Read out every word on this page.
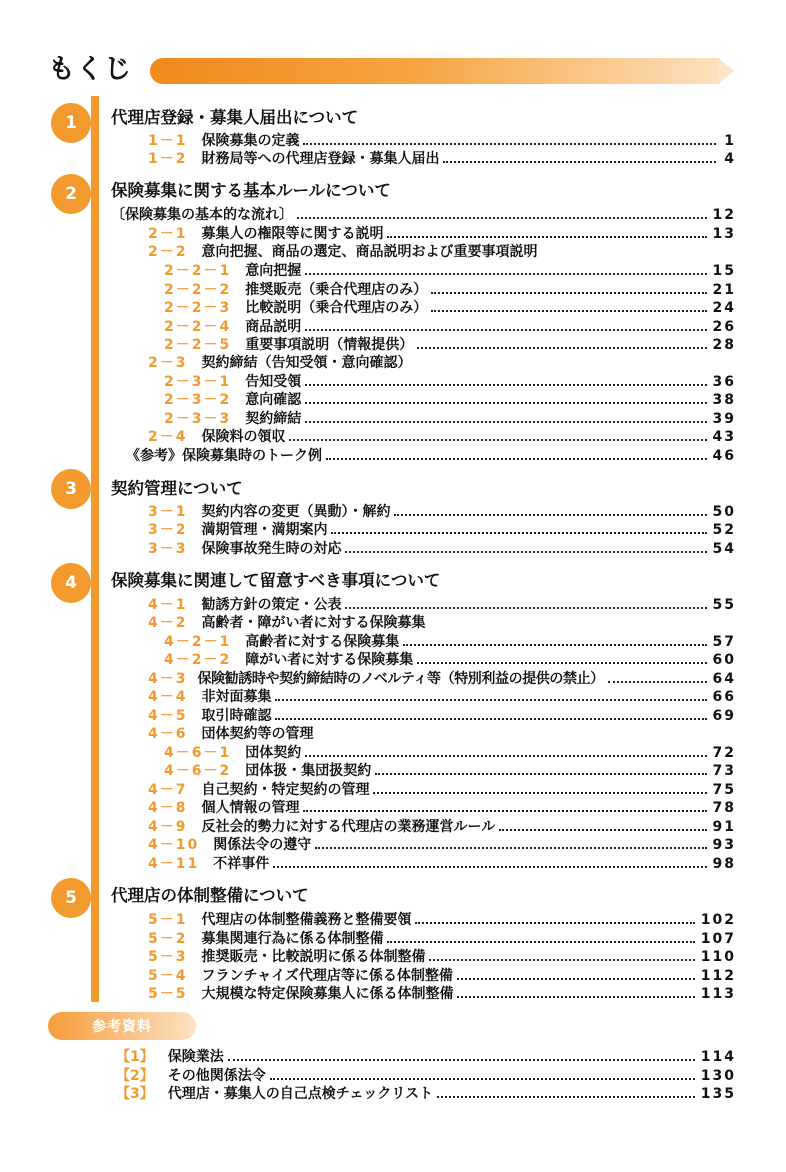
もくじ
1	代理店登録・募集人届出について
1－1 保険募集の定義	1
1－2 財務局等への代理店登録・募集人届出	4
2	保険募集に関する基本ルールについて
〔保険募集の基本的な流れ〕	12
2－1 募集人の権限等に関する説明	13
2－2 意向把握、商品の選定、商品説明および重要事項説明
2－2－1 意向把握	15
2－2－2 推奨販売（乗合代理店のみ）	21
2－2－3 比較説明（乗合代理店のみ）	24
2－2－4 商品説明	26
2－2－5 重要事項説明（情報提供）	28
2－3 契約締結（告知受領・意向確認）
2－3－1 告知受領	36
2－3－2 意向確認	38
2－3－3 契約締結	39
2－4 保険料の領収	43
《参考》保険募集時のトーク例	46
3	契約管理について
3－1 契約内容の変更（異動）・解約	50
3－2 満期管理・満期案内	52
3－3 保険事故発生時の対応	54
4	保険募集に関連して留意すべき事項について
4－1 勧誘方針の策定・公表	55
4－2 高齢者・障がい者に対する保険募集
4－2－1 高齢者に対する保険募集	57
4－2－2 障がい者に対する保険募集	60
4－3 保険勧誘時や契約締結時のノベルティ等（特別利益の提供の禁止）	64
4－4 非対面募集	66
4－5 取引時確認	69
4－6 団体契約等の管理
4－6－1 団体契約	72
4－6－2 団体扱・集団扱契約	73
4－7 自己契約・特定契約の管理	75
4－8 個人情報の管理	78
4－9 反社会的勢力に対する代理店の業務運営ルール	91
4－10 関係法令の遵守	93
4－11 不祥事件	98
5	代理店の体制整備について
5－1 代理店の体制整備義務と整備要領	102
5－2 募集関連行為に係る体制整備	107
5－3 推奨販売・比較説明に係る体制整備	110
5－4 フランチャイズ代理店等に係る体制整備	112
5－5 大規模な特定保険募集人に係る体制整備	113
参考資料
【1】 保険業法	114
【2】 その他関係法令	130
【3】 代理店・募集人の自己点検チェックリスト	135
